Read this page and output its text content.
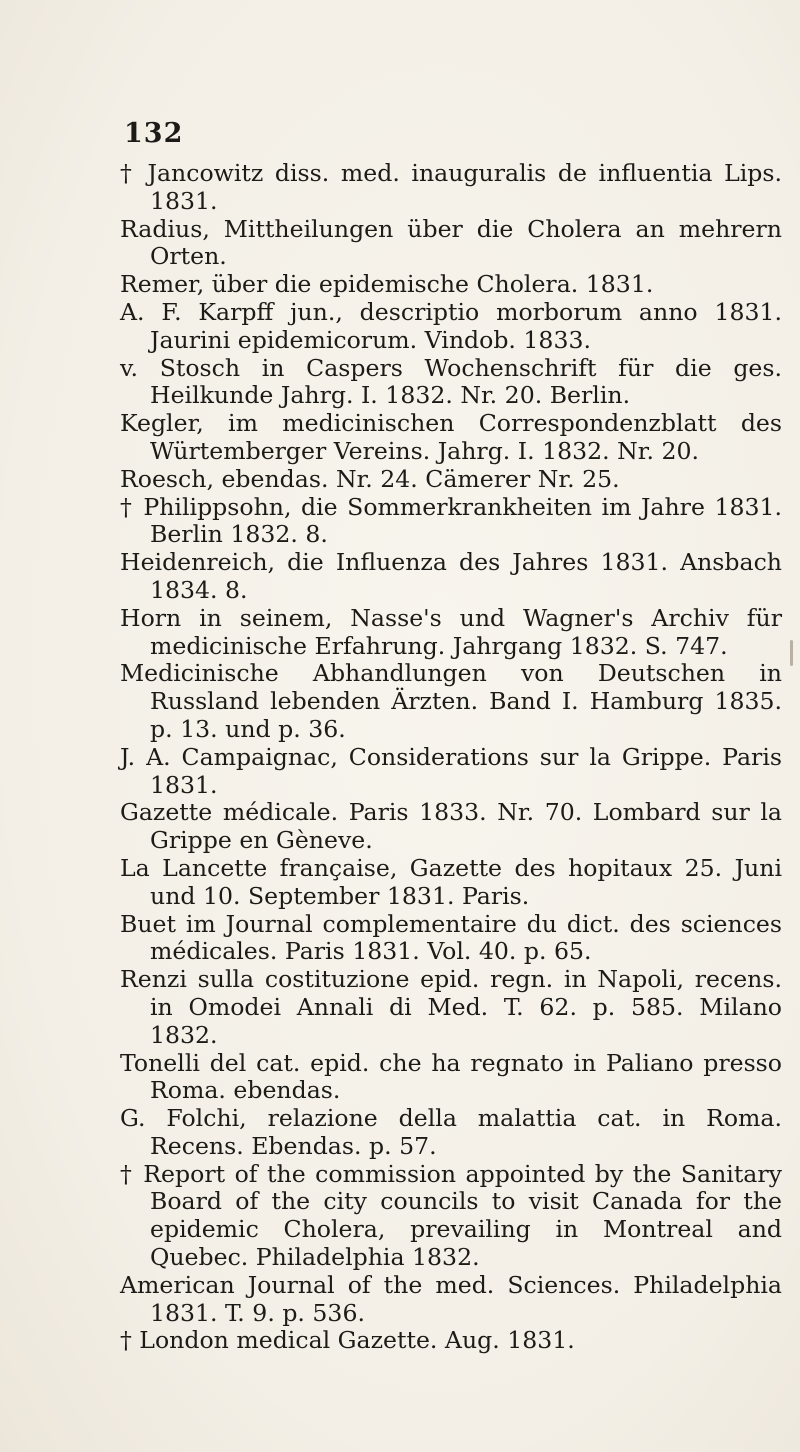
132
† Jancowitz diss. med. inauguralis de influentia Lips. 1831.
Radius, Mittheilungen über die Cholera an mehrern Orten.
Remer, über die epidemische Cholera. 1831.
A. F. Karpff jun., descriptio morborum anno 1831. Jaurini epidemicorum. Vindob. 1833.
v. Stosch in Caspers Wochenschrift für die ges. Heilkunde Jahrg. I. 1832. Nr. 20. Berlin.
Kegler, im medicinischen Correspondenzblatt des Würtemberger Vereins. Jahrg. I. 1832. Nr. 20.
Roesch, ebendas. Nr. 24. Cämerer Nr. 25.
† Philippsohn, die Sommerkrankheiten im Jahre 1831. Berlin 1832. 8.
Heidenreich, die Influenza des Jahres 1831. Ansbach 1834. 8.
Horn in seinem, Nasse's und Wagner's Archiv für medicinische Erfahrung. Jahrgang 1832. S. 747.
Medicinische Abhandlungen von Deutschen in Russland lebenden Ärzten. Band I. Hamburg 1835. p. 13. und p. 36.
J. A. Campaignac, Considerations sur la Grippe. Paris 1831.
Gazette médicale. Paris 1833. Nr. 70. Lombard sur la Grippe en Gèneve.
La Lancette française, Gazette des hopitaux 25. Juni und 10. September 1831. Paris.
Buet im Journal complementaire du dict. des sciences médicales. Paris 1831. Vol. 40. p. 65.
Renzi sulla costituzione epid. regn. in Napoli, recens. in Omodei Annali di Med. T. 62. p. 585. Milano 1832.
Tonelli del cat. epid. che ha regnato in Paliano presso Roma. ebendas.
G. Folchi, relazione della malattia cat. in Roma. Recens. Ebendas. p. 57.
† Report of the commission appointed by the Sanitary Board of the city councils to visit Canada for the epidemic Cholera, prevailing in Montreal and Quebec. Philadelphia 1832.
American Journal of the med. Sciences. Philadelphia 1831. T. 9. p. 536.
† London medical Gazette. Aug. 1831.
